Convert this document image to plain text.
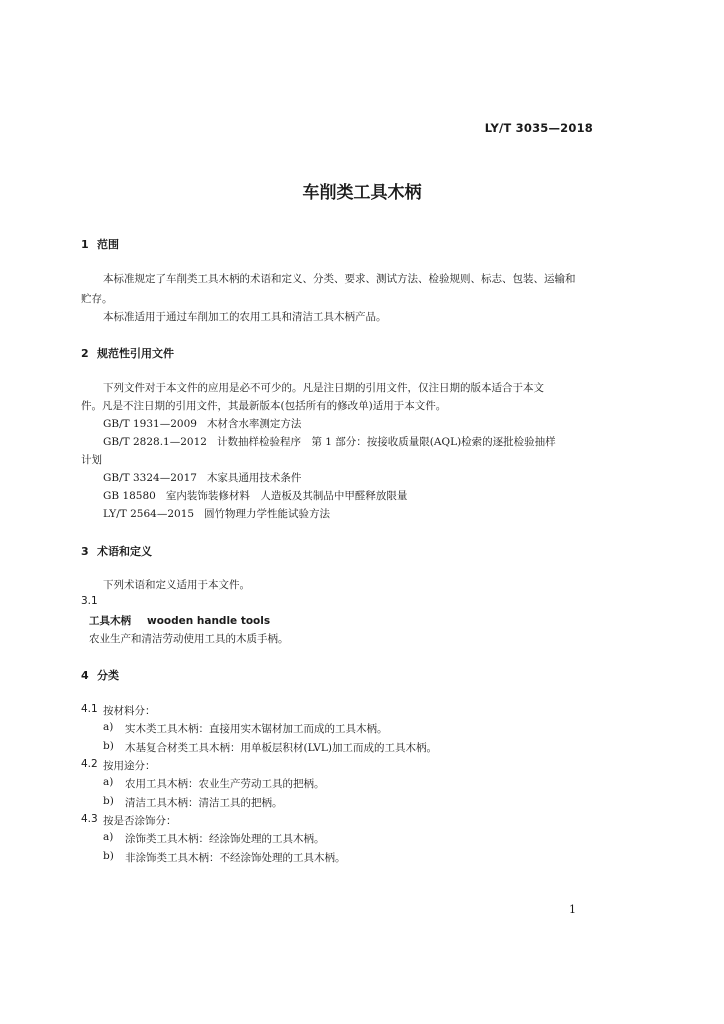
LY/T 3035—2018
车削类工具木柄
1 范围
本标准规定了车削类工具木柄的术语和定义、分类、要求、测试方法、检验规则、标志、包装、运输和
贮存。
本标准适用于通过车削加工的农用工具和清洁工具木柄产品。
2 规范性引用文件
下列文件对于本文件的应用是必不可少的。凡是注日期的引用文件，仅注日期的版本适合于本文
件。凡是不注日期的引用文件，其最新版本(包括所有的修改单)适用于本文件。
GB/T 1931—2009 木材含水率测定方法
GB/T 2828.1—2012 计数抽样检验程序　第 1 部分：按接收质量限(AQL)检索的逐批检验抽样
计划
GB/T 3324—2017 木家具通用技术条件
GB 18580 室内装饰装修材料　人造板及其制品中甲醛释放限量
LY/T 2564—2015 圆竹物理力学性能试验方法
3 术语和定义
下列术语和定义适用于本文件。
3.1
工具木柄 wooden handle tools
农业生产和清洁劳动使用工具的木质手柄。
4 分类
4.1 按材料分：
a) 实木类工具木柄：直接用实木锯材加工而成的工具木柄。
b) 木基复合材类工具木柄：用单板层积材(LVL)加工而成的工具木柄。
4.2 按用途分：
a) 农用工具木柄：农业生产劳动工具的把柄。
b) 清洁工具木柄：清洁工具的把柄。
4.3 按是否涂饰分：
a) 涂饰类工具木柄：经涂饰处理的工具木柄。
b) 非涂饰类工具木柄：不经涂饰处理的工具木柄。
1
